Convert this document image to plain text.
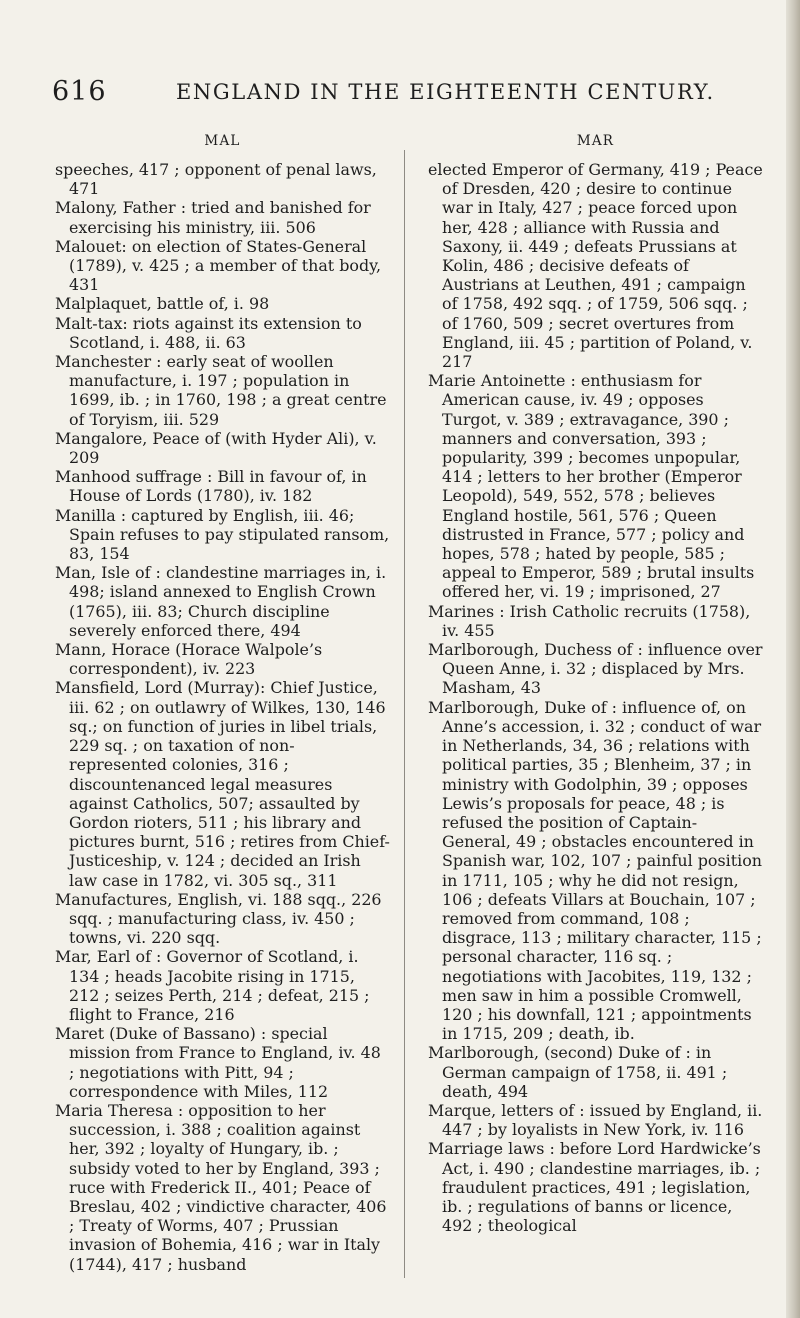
616	ENGLAND IN THE EIGHTEENTH CENTURY.
MAL

speeches, 417 ; opponent of penal laws, 471

Malony, Father : tried and banished for exercising his ministry, iii. 506

Malouet: on election of States-General (1789), v. 425 ; a member of that body, 431

Malplaquet, battle of, i. 98

Malt-tax: riots against its extension to Scotland, i. 488, ii. 63

Manchester : early seat of woollen manufacture, i. 197 ; population in 1699, ib. ; in 1760, 198 ; a great centre of Toryism, iii. 529

Mangalore, Peace of (with Hyder Ali), v. 209

Manhood suffrage : Bill in favour of, in House of Lords (1780), iv. 182

Manilla : captured by English, iii. 46; Spain refuses to pay stipulated ransom, 83, 154

Man, Isle of : clandestine marriages in, i. 498; island annexed to English Crown (1765), iii. 83; Church discipline severely enforced there, 494

Mann, Horace (Horace Walpole’s correspondent), iv. 223

Mansfield, Lord (Murray): Chief Justice, iii. 62 ; on outlawry of Wilkes, 130, 146 sq.; on function of juries in libel trials, 229 sq. ; on taxation of non-represented colonies, 316 ; discountenanced legal measures against Catholics, 507; assaulted by Gordon rioters, 511 ; his library and pictures burnt, 516 ; retires from Chief-Justiceship, v. 124 ; decided an Irish law case in 1782, vi. 305 sq., 311

Manufactures, English, vi. 188 sqq., 226 sqq. ; manufacturing class, iv. 450 ; towns, vi. 220 sqq.

Mar, Earl of : Governor of Scotland, i. 134 ; heads Jacobite rising in 1715, 212 ; seizes Perth, 214 ; defeat, 215 ; flight to France, 216

Maret (Duke of Bassano) : special mission from France to England, iv. 48 ; negotiations with Pitt, 94 ; correspondence with Miles, 112

Maria Theresa : opposition to her succession, i. 388 ; coalition against her, 392 ; loyalty of Hungary, ib. ; subsidy voted to her by England, 393 ; ruce with Frederick II., 401; Peace of Breslau, 402 ; vindictive character, 406 ; Treaty of Worms, 407 ; Prussian invasion of Bohemia, 416 ; war in Italy (1744), 417 ; husband

MAR

elected Emperor of Germany, 419 ; Peace of Dresden, 420 ; desire to continue war in Italy, 427 ; peace forced upon her, 428 ; alliance with Russia and Saxony, ii. 449 ; defeats Prussians at Kolin, 486 ; decisive defeats of Austrians at Leuthen, 491 ; campaign of 1758, 492 sqq. ; of 1759, 506 sqq. ; of 1760, 509 ; secret overtures from England, iii. 45 ; partition of Poland, v. 217

Marie Antoinette : enthusiasm for American cause, iv. 49 ; opposes Turgot, v. 389 ; extravagance, 390 ; manners and conversation, 393 ; popularity, 399 ; becomes unpopular, 414 ; letters to her brother (Emperor Leopold), 549, 552, 578 ; believes England hostile, 561, 576 ; Queen distrusted in France, 577 ; policy and hopes, 578 ; hated by people, 585 ; appeal to Emperor, 589 ; brutal insults offered her, vi. 19 ; imprisoned, 27

Marines : Irish Catholic recruits (1758), iv. 455

Marlborough, Duchess of : influence over Queen Anne, i. 32 ; displaced by Mrs. Masham, 43

Marlborough, Duke of : influence of, on Anne’s accession, i. 32 ; conduct of war in Netherlands, 34, 36 ; relations with political parties, 35 ; Blenheim, 37 ; in ministry with Godolphin, 39 ; opposes Lewis’s proposals for peace, 48 ; is refused the position of Captain-General, 49 ; obstacles encountered in Spanish war, 102, 107 ; painful position in 1711, 105 ; why he did not resign, 106 ; defeats Villars at Bouchain, 107 ; removed from command, 108 ; disgrace, 113 ; military character, 115 ; personal character, 116 sq. ; negotiations with Jacobites, 119, 132 ; men saw in him a possible Cromwell, 120 ; his downfall, 121 ; appointments in 1715, 209 ; death, ib.

Marlborough, (second) Duke of : in German campaign of 1758, ii. 491 ; death, 494

Marque, letters of : issued by England, ii. 447 ; by loyalists in New York, iv. 116

Marriage laws : before Lord Hardwicke’s Act, i. 490 ; clandestine marriages, ib. ; fraudulent practices, 491 ; legislation, ib. ; regulations of banns or licence, 492 ; theological
